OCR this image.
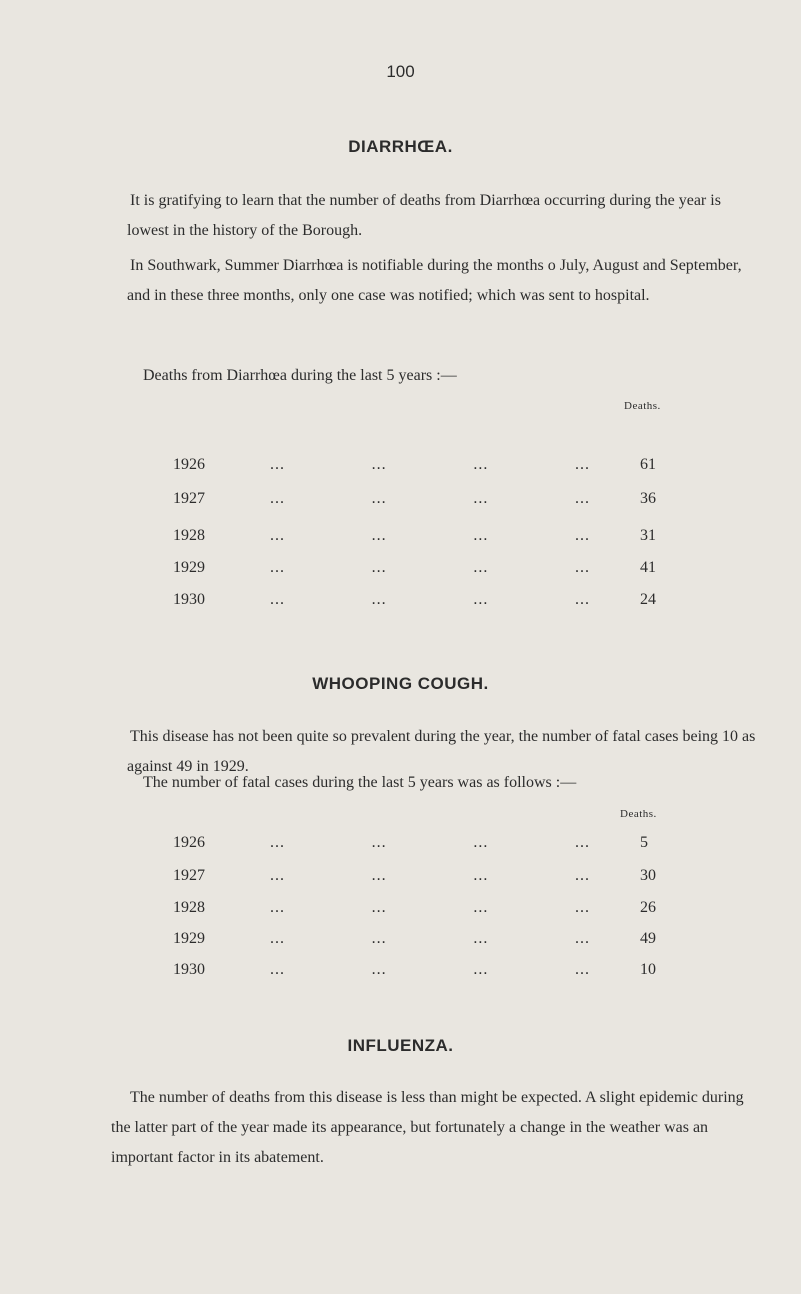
100
DIARRHŒA.

It is gratifying to learn that the number of deaths from Diarrhœa occurring during the year is lowest in the history of the Borough.

In Southwark, Summer Diarrhœa is notifiable during the months o July, August and September, and in these three months, only one case was notified; which was sent to hospital.

Deaths from Diarrhœa during the last 5 years :—
Deaths.
1926	...	...	...	...	61
1927	...	...	...	...	36
1928	...	...	...	...	31
1929	...	...	...	...	41
1930	...	...	...	...	24
WHOOPING COUGH.

This disease has not been quite so prevalent during the year, the number of fatal cases being 10 as against 49 in 1929.

The number of fatal cases during the last 5 years was as follows :—
Deaths.
1926	...	...	...	...	5
1927	...	...	...	...	30
1928	...	...	...	...	26
1929	...	...	...	...	49
1930	...	...	...	...	10
INFLUENZA.

The number of deaths from this disease is less than might be expected. A slight epidemic during the latter part of the year made its appearance, but fortunately a change in the weather was an important factor in its abatement.
